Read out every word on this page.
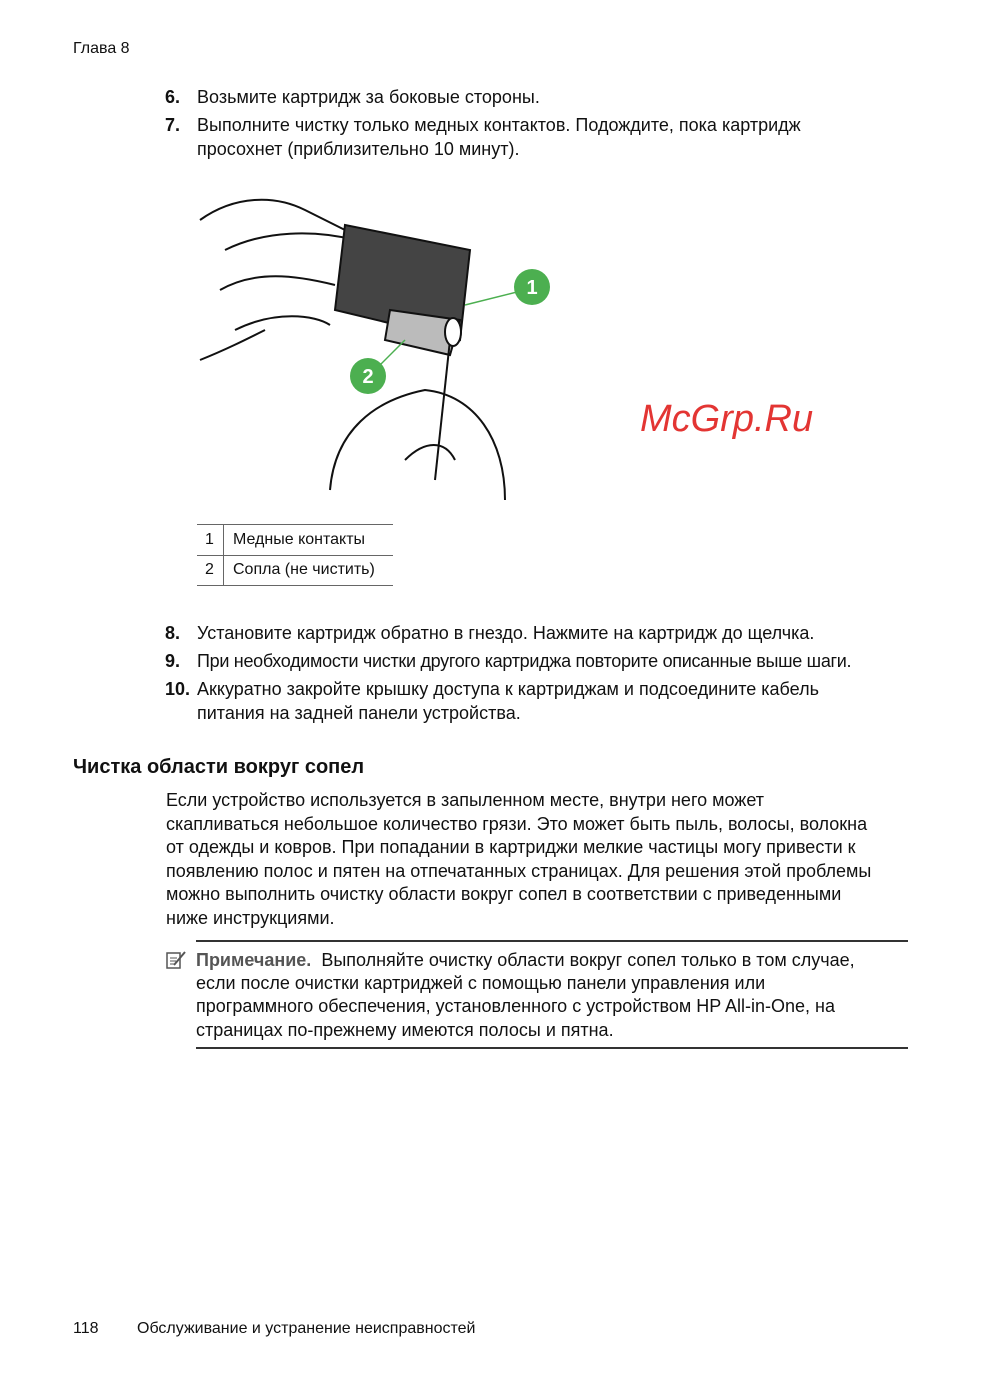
Глава 8
6. Возьмите картридж за боковые стороны.
7. Выполните чистку только медных контактов. Подождите, пока картридж
просохнет (приблизительно 10 минут).
1
2
1 Медные контакты
2 Сопла (не чистить)
8. Установите картридж обратно в гнездо. Нажмите на картридж до щелчка.
9. При необходимости чистки другого картриджа повторите описанные выше шаги.
10. Аккуратно закройте крышку доступа к картриджам и подсоедините кабель
питания на задней панели устройства.
McGrp.Ru
Чистка области вокруг сопел
Если устройство используется в запыленном месте, внутри него может
скапливаться небольшое количество грязи. Это может быть пыль, волосы, волокна
от одежды и ковров. При попадании в картриджи мелкие частицы могу привести к
появлению полос и пятен на отпечатанных страницах. Для решения этой проблемы
можно выполнить очистку области вокруг сопел в соответствии с приведенными
ниже инструкциями.
Примечание. Выполняйте очистку области вокруг сопел только в том случае,
если после очистки картриджей с помощью панели управления или
программного обеспечения, установленного с устройством HP All-in-One, на
страницах по-прежнему имеются полосы и пятна.
118 Обслуживание и устранение неисправностей
